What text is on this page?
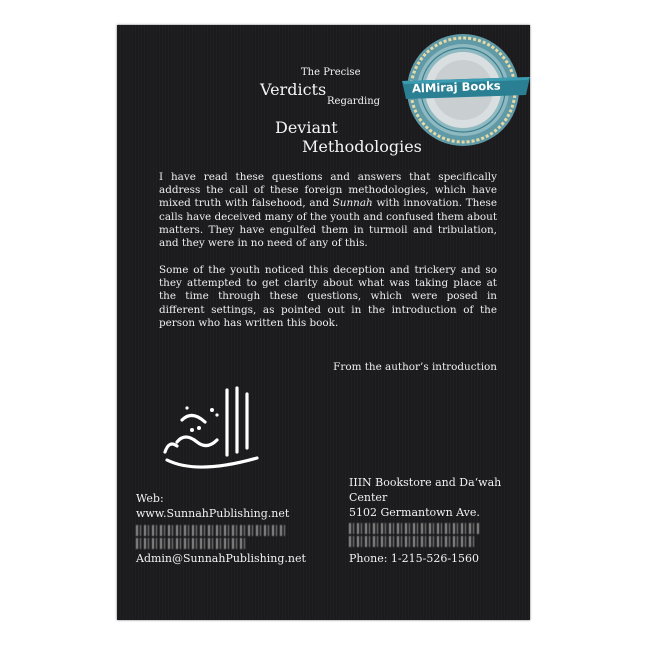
AlMiraj Books
The Precise
Verdicts
Regarding
Deviant
Methodologies

I have read these questions and answers that specifically address the call of these foreign methodologies, which have mixed truth with falsehood, and Sunnah with innovation. These calls have deceived many of the youth and confused them about matters. They have engulfed them in turmoil and tribulation, and they were in no need of any of this.

Some of the youth noticed this deception and trickery and so they attempted to get clarity about what was taking place at the time through these questions, which were posed in different settings, as pointed out in the introduction of the person who has written this book.

From the author’s introduction
Web:
www.SunnahPublishing.net
Admin@SunnahPublishing.net
IIIN Bookstore and Da‘wah
Center
5102 Germantown Ave.
Phone: 1-215-526-1560
